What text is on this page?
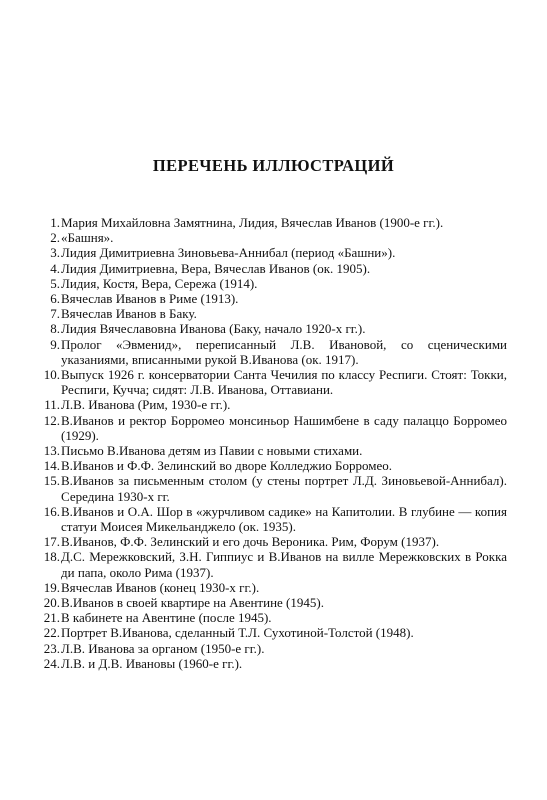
ПЕРЕЧЕНЬ ИЛЛЮСТРАЦИЙ
1. Мария Михайловна Замятнина, Лидия, Вячеслав Иванов (1900-е гг.).
2. «Башня».
3. Лидия Димитриевна Зиновьева-Аннибал (период «Башни»).
4. Лидия Димитриевна, Вера, Вячеслав Иванов (ок. 1905).
5. Лидия, Костя, Вера, Сережа (1914).
6. Вячеслав Иванов в Риме (1913).
7. Вячеслав Иванов в Баку.
8. Лидия Вячеславовна Иванова (Баку, начало 1920-х гг.).
9. Пролог «Эвменид», переписанный Л.В. Ивановой, со сценическими указаниями, вписанными рукой В.Иванова (ок. 1917).
10. Выпуск 1926 г. консерватории Санта Чечилия по классу Респиги. Стоят: Токки, Респиги, Кучча; сидят: Л.В. Иванова, Оттавиани.
11. Л.В. Иванова (Рим, 1930-е гг.).
12. В.Иванов и ректор Борромео монсиньор Нашимбене в саду палаццо Борромео (1929).
13. Письмо В.Иванова детям из Павии с новыми стихами.
14. В.Иванов и Ф.Ф. Зелинский во дворе Колледжио Борромео.
15. В.Иванов за письменным столом (у стены портрет Л.Д. Зиновьевой-Аннибал). Середина 1930-х гг.
16. В.Иванов и О.А. Шор в «журчливом садике» на Капитолии. В глубине — копия статуи Моисея Микельанджело (ок. 1935).
17. В.Иванов, Ф.Ф. Зелинский и его дочь Вероника. Рим, Форум (1937).
18. Д.С. Мережковский, З.Н. Гиппиус и В.Иванов на вилле Мережковских в Рокка ди папа, около Рима (1937).
19. Вячеслав Иванов (конец 1930-х гг.).
20. В.Иванов в своей квартире на Авентине (1945).
21. В кабинете на Авентине (после 1945).
22. Портрет В.Иванова, сделанный Т.Л. Сухотиной-Толстой (1948).
23. Л.В. Иванова за органом (1950-е гг.).
24. Л.В. и Д.В. Ивановы (1960-е гг.).
